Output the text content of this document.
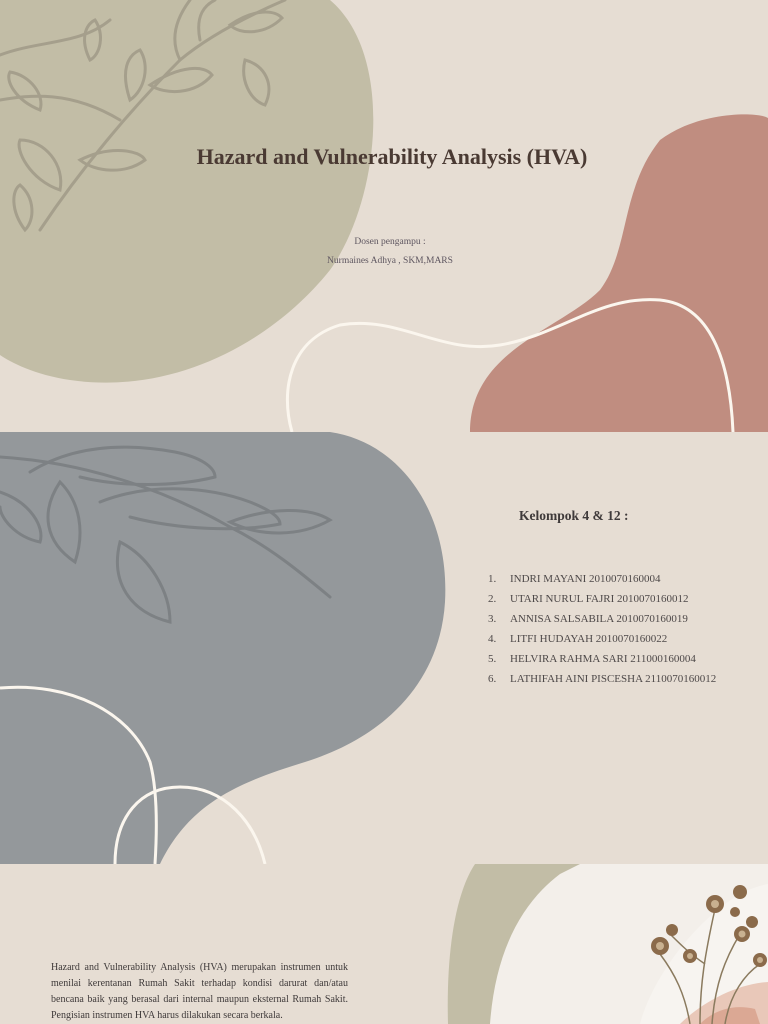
Hazard and Vulnerability Analysis (HVA)
Dosen pengampu :
Nurmaines Adhya , SKM,MARS
Kelompok 4 & 12 :
1. INDRI MAYANI 2010070160004
2. UTARI NURUL FAJRI 2010070160012
3. ANNISA SALSABILA 2010070160019
4. LITFI HUDAYAH 2010070160022
5. HELVIRA RAHMA SARI 211000160004
6. LATHIFAH AINI PISCESHA 2110070160012

Hazard and Vulnerability Analysis (HVA) merupakan instrumen untuk menilai kerentanan Rumah Sakit terhadap kondisi darurat dan/atau bencana baik yang berasal dari internal maupun eksternal Rumah Sakit. Pengisian instrumen HVA harus dilakukan secara berkala.
